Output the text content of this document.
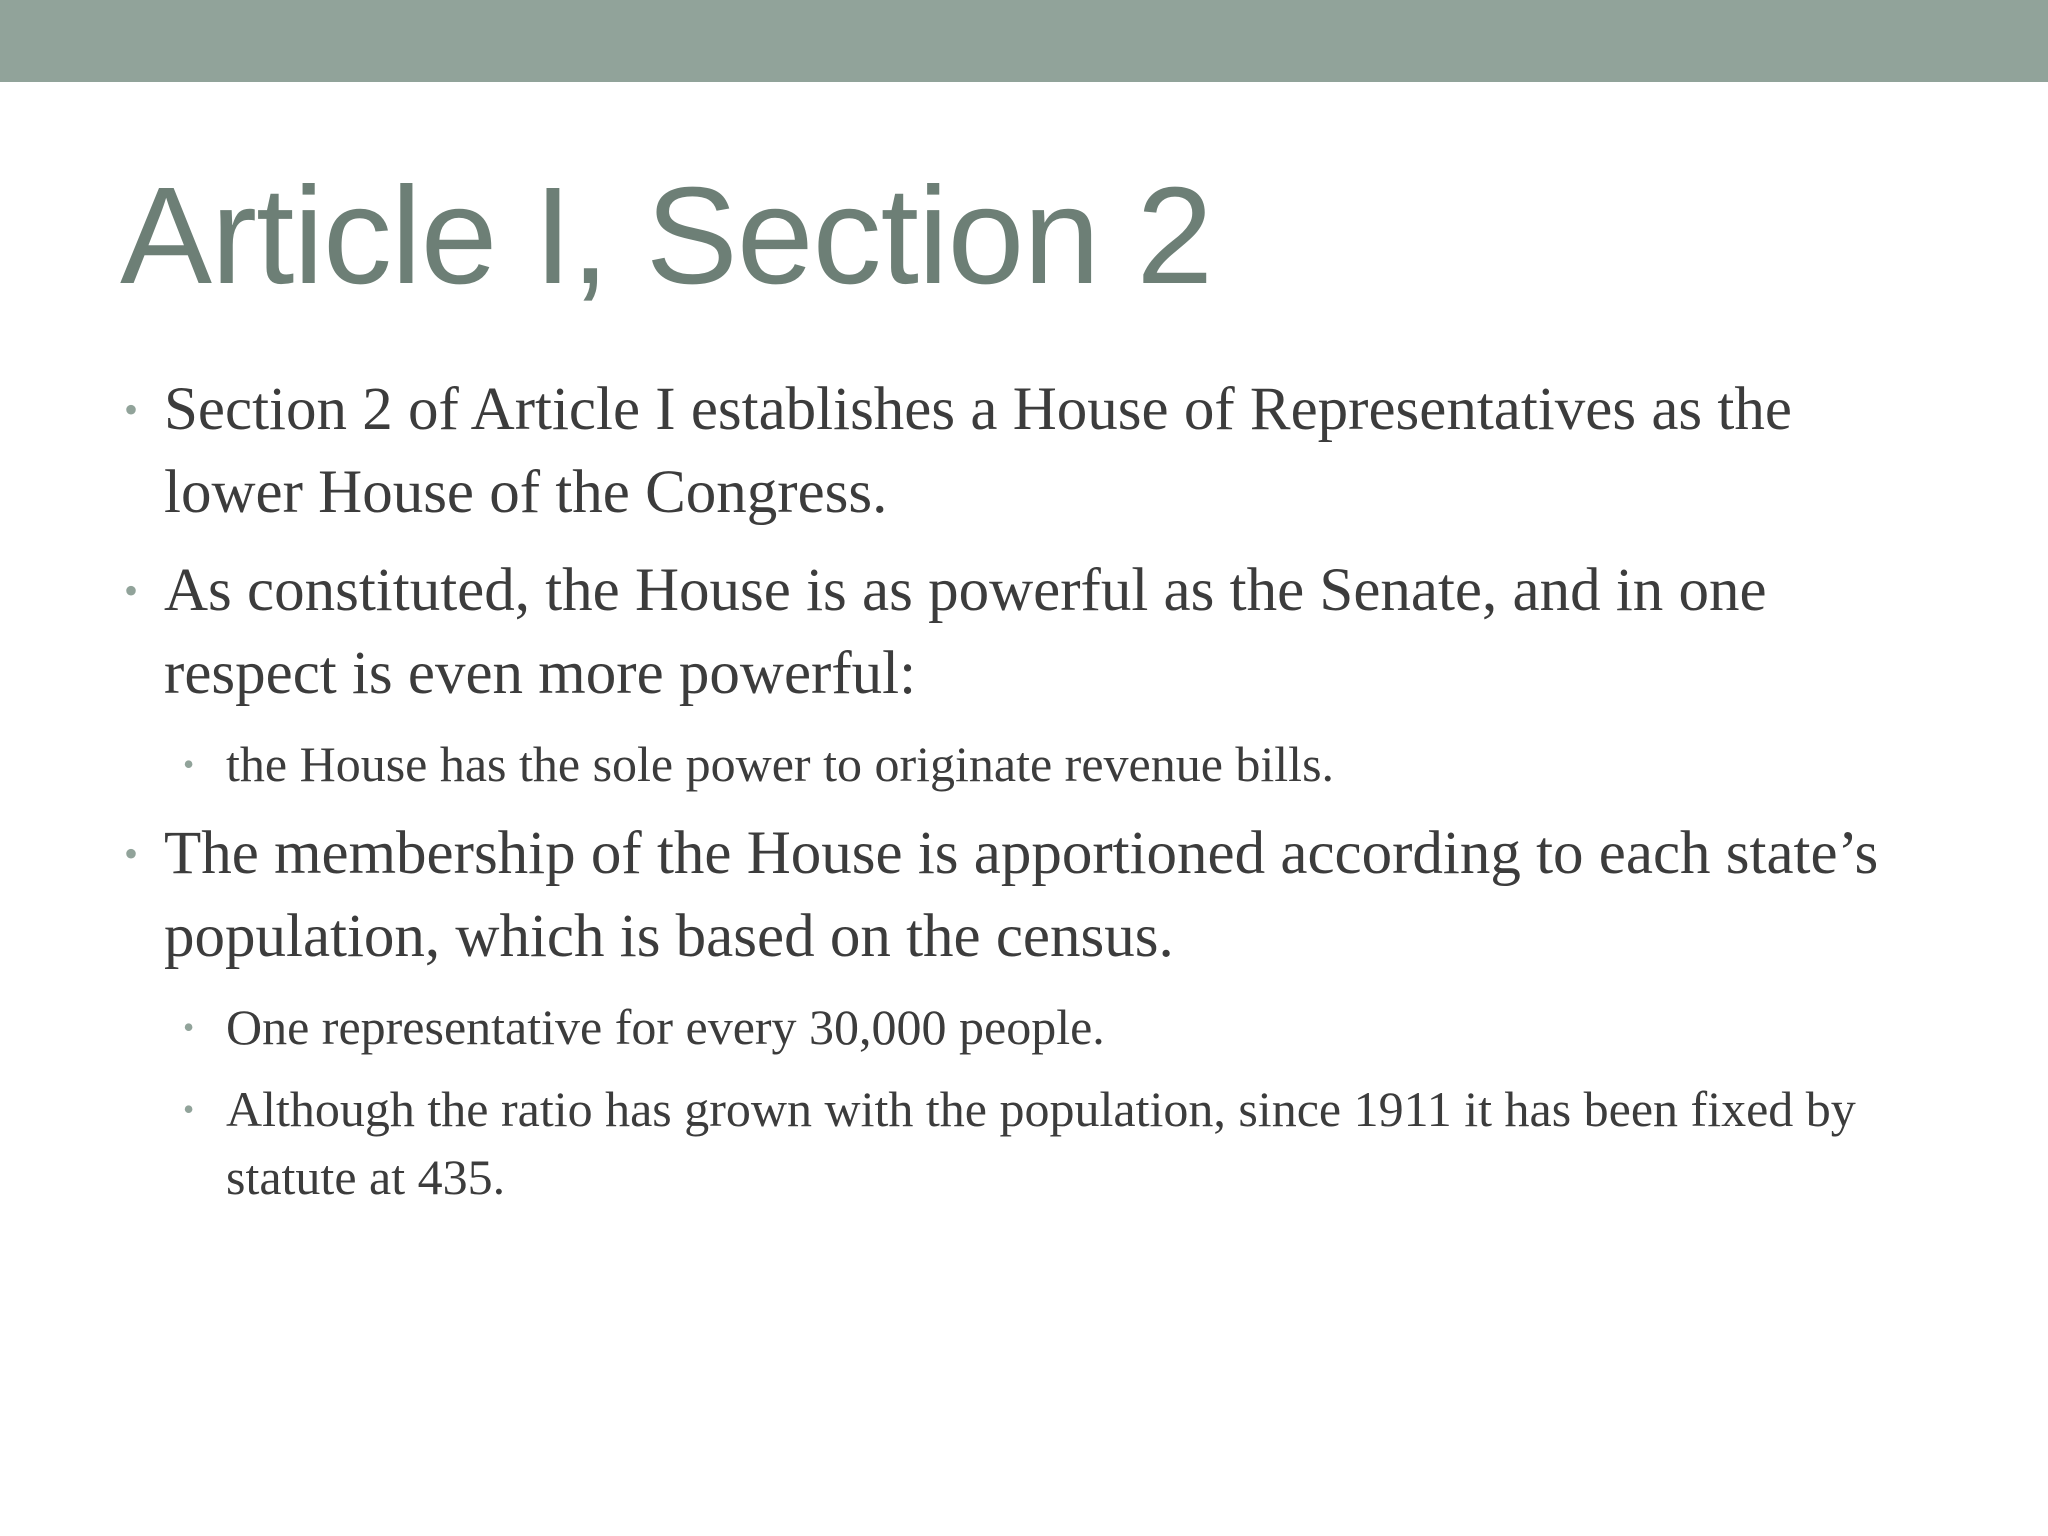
Article I, Section 2
• Section 2 of Article I establishes a House of Representatives as the lower House of the Congress.
• As constituted, the House is as powerful as the Senate, and in one respect is even more powerful:
• the House has the sole power to originate revenue bills.
• The membership of the House is apportioned according to each state’s population, which is based on the census.
• One representative for every 30,000 people.
• Although the ratio has grown with the population, since 1911 it has been fixed by statute at 435.
